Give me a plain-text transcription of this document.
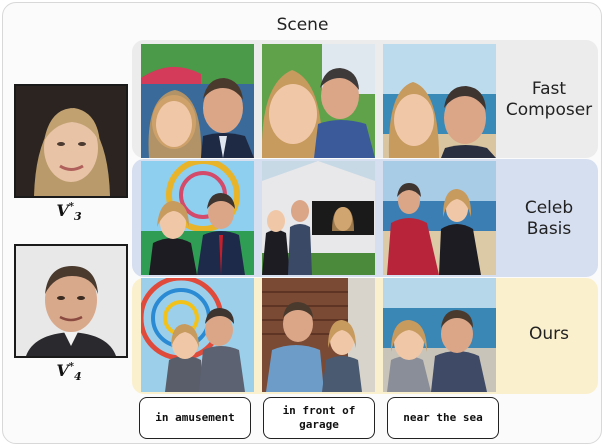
Scene
$V^*_3$
$V^*_4$
Fast
Composer
Celeb
Basis
Ours
in amusement
in front of
garage
near the sea
